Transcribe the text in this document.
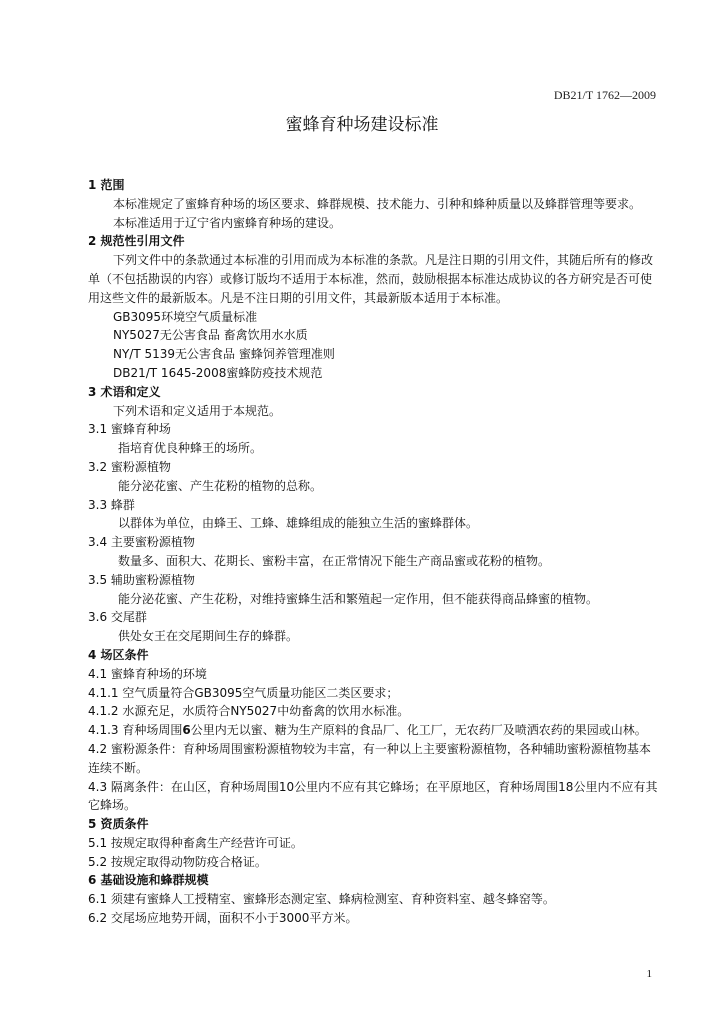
DB21/T 1762—2009
蜜蜂育种场建设标准
1 范围
本标准规定了蜜蜂育种场的场区要求、蜂群规模、技术能力、引种和蜂种质量以及蜂群管理等要求。
本标准适用于辽宁省内蜜蜂育种场的建设。
2 规范性引用文件
下列文件中的条款通过本标准的引用而成为本标准的条款。凡是注日期的引用文件，其随后所有的修改单（不包括勘误的内容）或修订版均不适用于本标准，然而，鼓励根据本标准达成协议的各方研究是否可使用这些文件的最新版本。凡是不注日期的引用文件，其最新版本适用于本标准。
GB3095环境空气质量标准
NY5027无公害食品 畜禽饮用水水质
NY/T 5139无公害食品 蜜蜂饲养管理准则
DB21/T 1645-2008蜜蜂防疫技术规范
3 术语和定义
下列术语和定义适用于本规范。
3.1 蜜蜂育种场
指培育优良种蜂王的场所。
3.2 蜜粉源植物
能分泌花蜜、产生花粉的植物的总称。
3.3 蜂群
以群体为单位，由蜂王、工蜂、雄蜂组成的能独立生活的蜜蜂群体。
3.4 主要蜜粉源植物
数量多、面积大、花期长、蜜粉丰富，在正常情况下能生产商品蜜或花粉的植物。
3.5 辅助蜜粉源植物
能分泌花蜜、产生花粉，对维持蜜蜂生活和繁殖起一定作用，但不能获得商品蜂蜜的植物。
3.6 交尾群
供处女王在交尾期间生存的蜂群。
4 场区条件
4.1 蜜蜂育种场的环境
4.1.1 空气质量符合GB3095空气质量功能区二类区要求；
4.1.2 水源充足，水质符合NY5027中幼畜禽的饮用水标准。
4.1.3 育种场周围6公里内无以蜜、糖为生产原料的食品厂、化工厂，无农药厂及喷洒农药的果园或山林。
4.2 蜜粉源条件：育种场周围蜜粉源植物较为丰富，有一种以上主要蜜粉源植物，各种辅助蜜粉源植物基本连续不断。
4.3 隔离条件：在山区，育种场周围10公里内不应有其它蜂场；在平原地区，育种场周围18公里内不应有其它蜂场。
5 资质条件
5.1 按规定取得种畜禽生产经营许可证。
5.2 按规定取得动物防疫合格证。
6 基础设施和蜂群规模
6.1 须建有蜜蜂人工授精室、蜜蜂形态测定室、蜂病检测室、育种资料室、越冬蜂窑等。
6.2 交尾场应地势开阔，面积不小于3000平方米。
1
